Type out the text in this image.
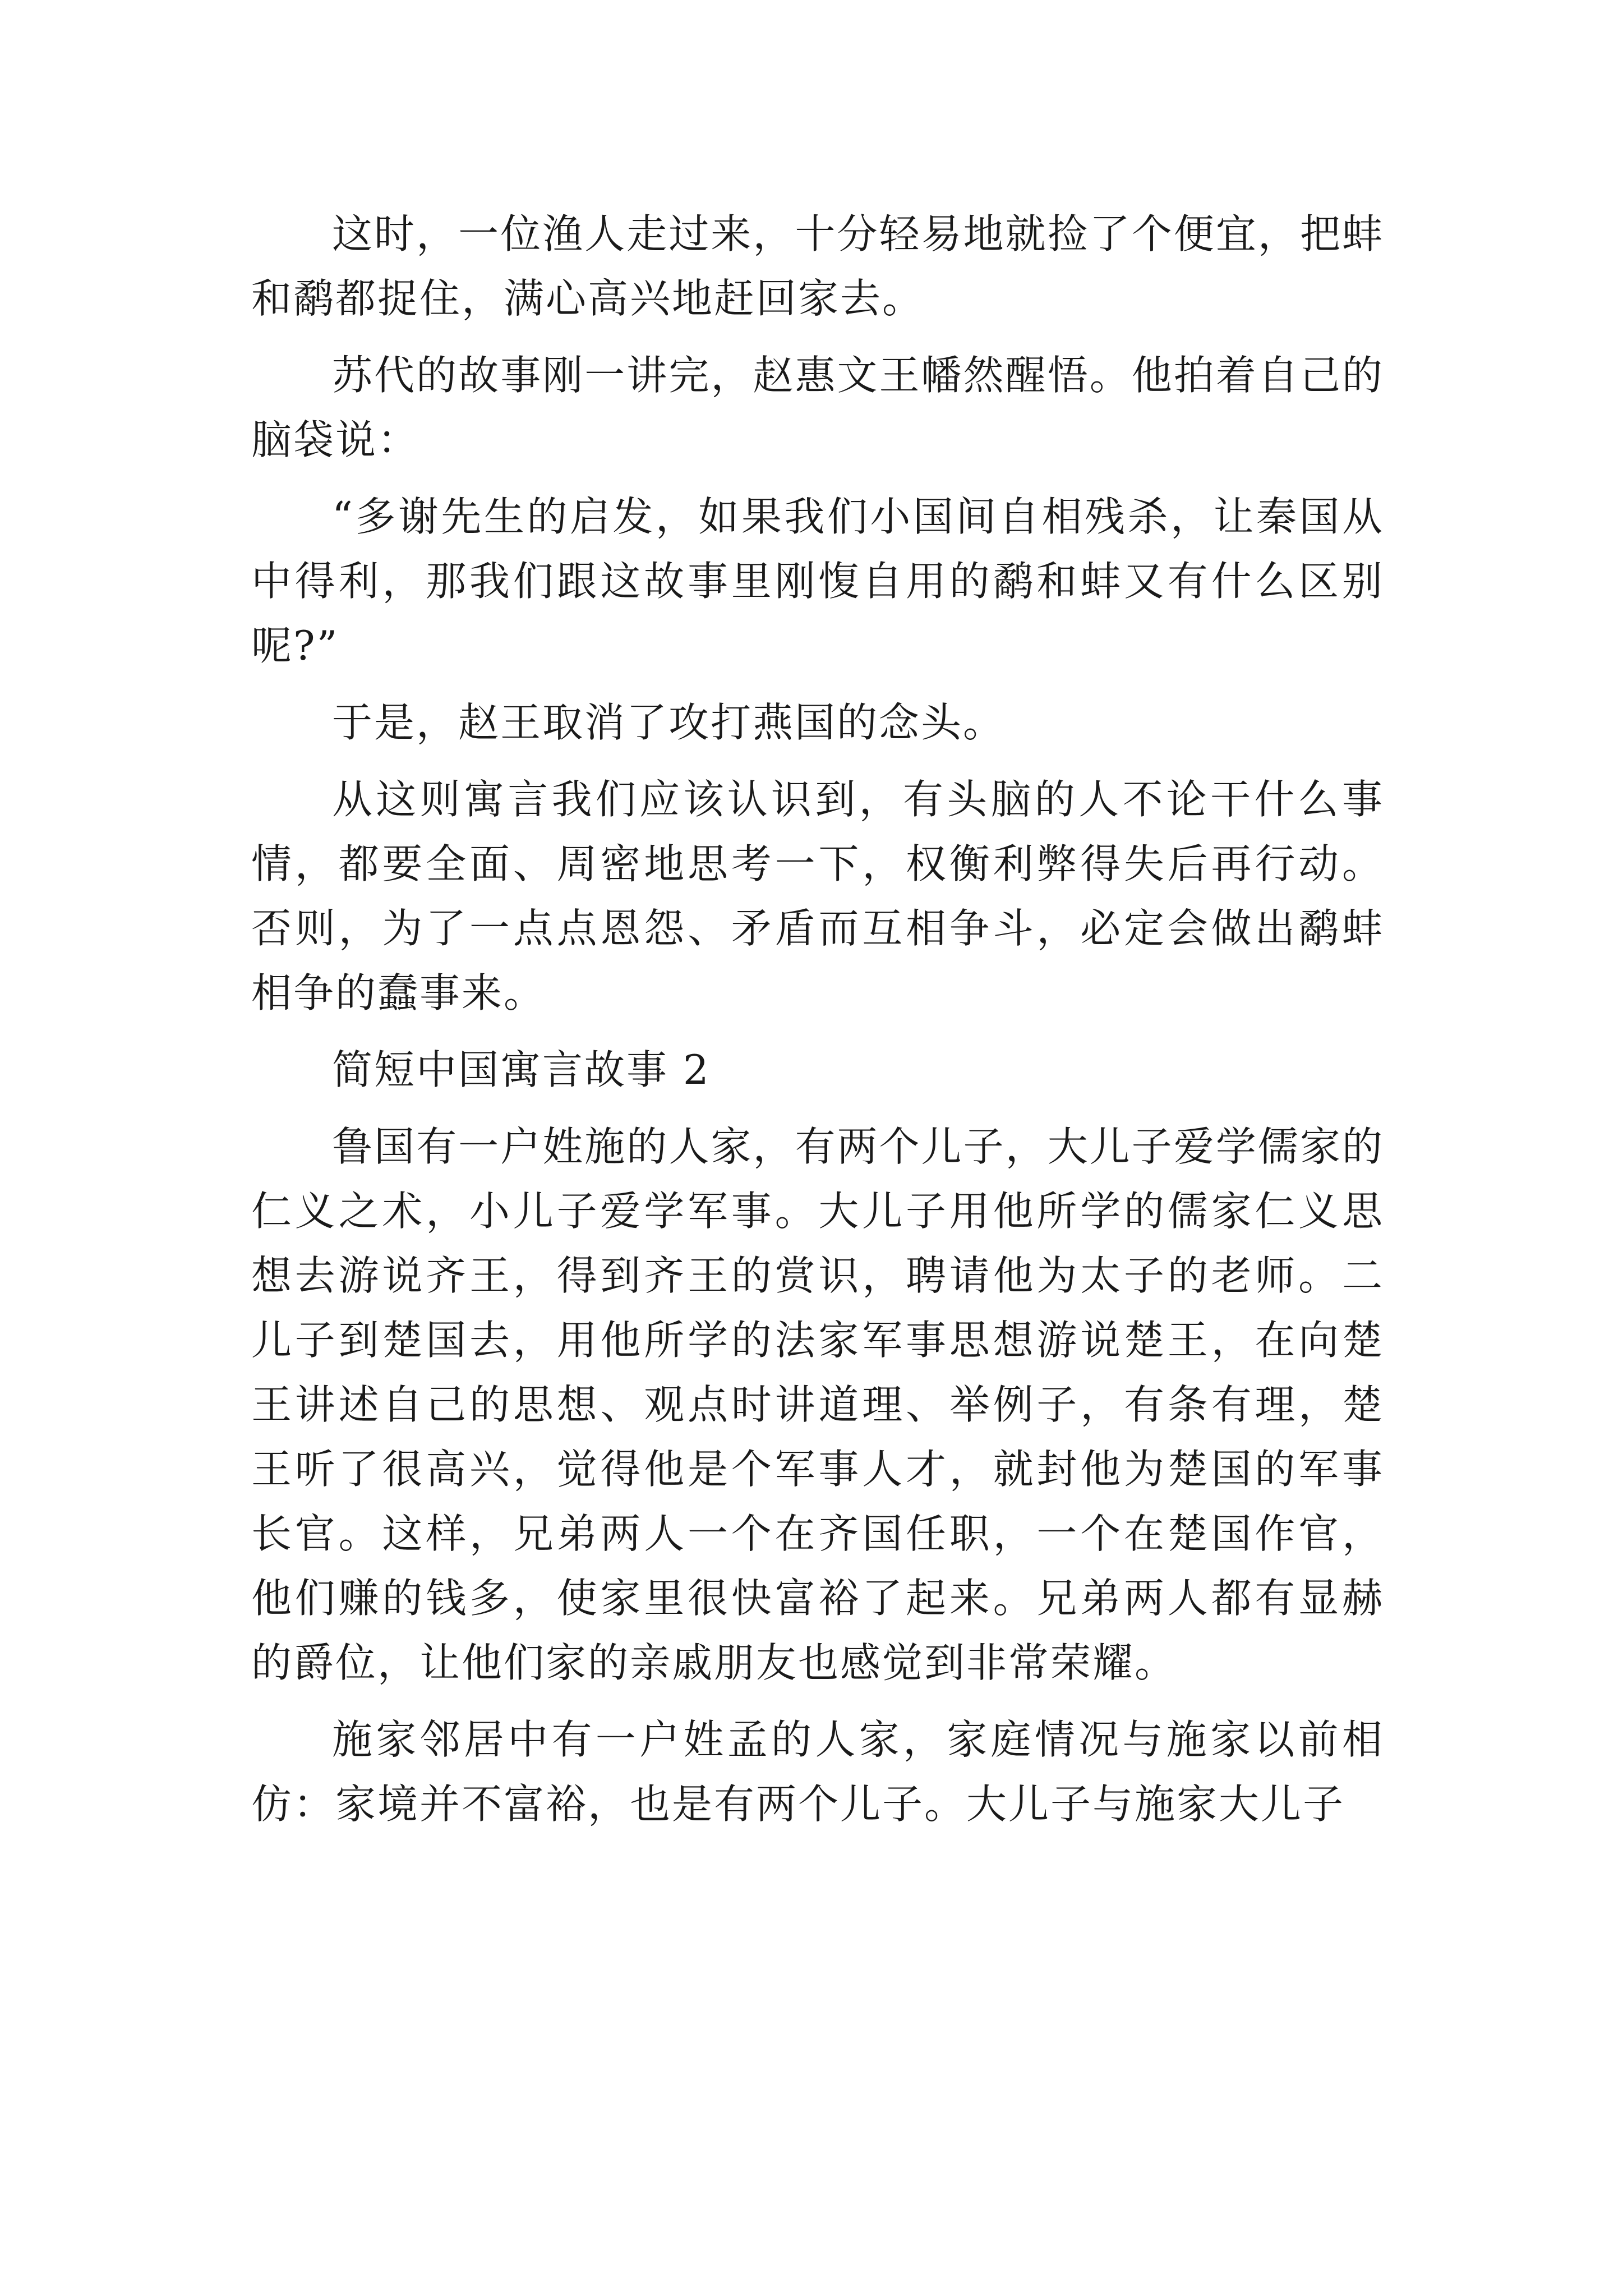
这时，一位渔人走过来，十分轻易地就捡了个便宜，把蚌和鹬都捉住，满心高兴地赶回家去。

苏代的故事刚一讲完，赵惠文王幡然醒悟。他拍着自己的脑袋说：

“多谢先生的启发，如果我们小国间自相残杀，让秦国从中得利，那我们跟这故事里刚愎自用的鹬和蚌又有什么区别呢?”

于是，赵王取消了攻打燕国的念头。

从这则寓言我们应该认识到，有头脑的人不论干什么事情，都要全面、周密地思考一下，权衡利弊得失后再行动。否则，为了一点点恩怨、矛盾而互相争斗，必定会做出鹬蚌相争的蠢事来。

简短中国寓言故事 2

鲁国有一户姓施的人家，有两个儿子，大儿子爱学儒家的仁义之术，小儿子爱学军事。大儿子用他所学的儒家仁义思想去游说齐王，得到齐王的赏识，聘请他为太子的老师。二儿子到楚国去，用他所学的法家军事思想游说楚王，在向楚王讲述自己的思想、观点时讲道理、举例子，有条有理，楚王听了很高兴，觉得他是个军事人才，就封他为楚国的军事长官。这样，兄弟两人一个在齐国任职，一个在楚国作官，他们赚的钱多，使家里很快富裕了起来。兄弟两人都有显赫的爵位，让他们家的亲戚朋友也感觉到非常荣耀。

施家邻居中有一户姓孟的人家，家庭情况与施家以前相仿：家境并不富裕，也是有两个儿子。大儿子与施家大儿子
